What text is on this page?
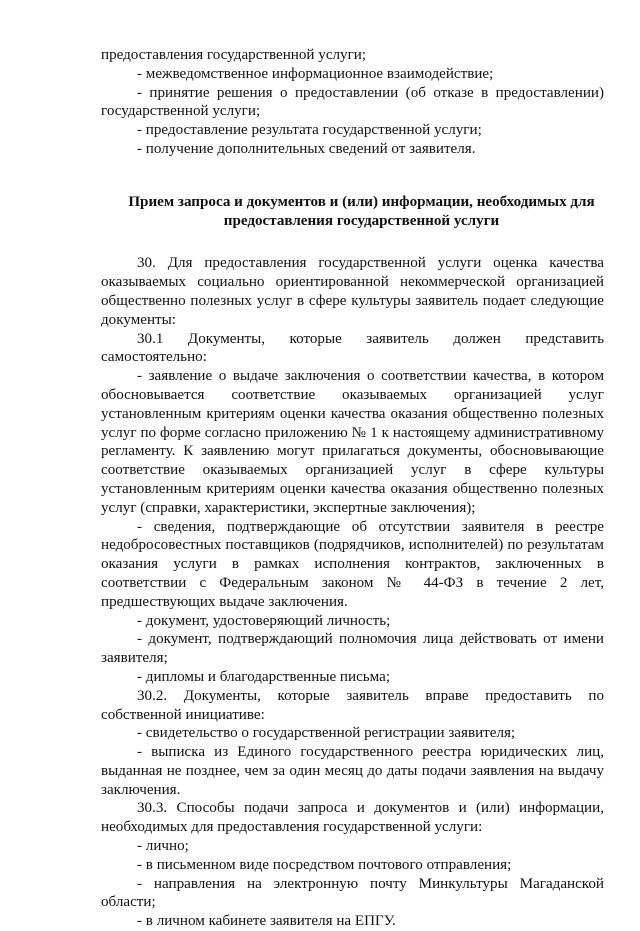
предоставления государственной услуги;

- межведомственное информационное взаимодействие;

- принятие решения о предоставлении (об отказе в предоставлении) государственной услуги;

- предоставление результата государственной услуги;

- получение дополнительных сведений от заявителя.

Прием запроса и документов и (или) информации, необходимых для предоставления государственной услуги

30. Для предоставления государственной услуги оценка качества оказываемых социально ориентированной некоммерческой организацией общественно полезных услуг в сфере культуры заявитель подает следующие документы:

30.1 Документы, которые заявитель должен представить самостоятельно:

- заявление о выдаче заключения о соответствии качества, в котором обосновывается соответствие оказываемых организацией услуг установленным критериям оценки качества оказания общественно полезных услуг по форме согласно приложению № 1 к настоящему административному регламенту. К заявлению могут прилагаться документы, обосновывающие соответствие оказываемых организацией услуг в сфере культуры установленным критериям оценки качества оказания общественно полезных услуг (справки, характеристики, экспертные заключения);

- сведения, подтверждающие об отсутствии заявителя в реестре недобросовестных поставщиков (подрядчиков, исполнителей) по результатам оказания услуги в рамках исполнения контрактов, заключенных в соответствии с Федеральным законом № 44-ФЗ в течение 2 лет, предшествующих выдаче заключения.

- документ, удостоверяющий личность;

- документ, подтверждающий полномочия лица действовать от имени заявителя;

- дипломы и благодарственные письма;

30.2. Документы, которые заявитель вправе предоставить по собственной инициативе:

- свидетельство о государственной регистрации заявителя;

- выписка из Единого государственного реестра юридических лиц, выданная не позднее, чем за один месяц до даты подачи заявления на выдачу заключения.

30.3. Способы подачи запроса и документов и (или) информации, необходимых для предоставления государственной услуги:

- лично;

- в письменном виде посредством почтового отправления;

- направления на электронную почту Минкультуры Магаданской области;

- в личном кабинете заявителя на ЕПГУ.
